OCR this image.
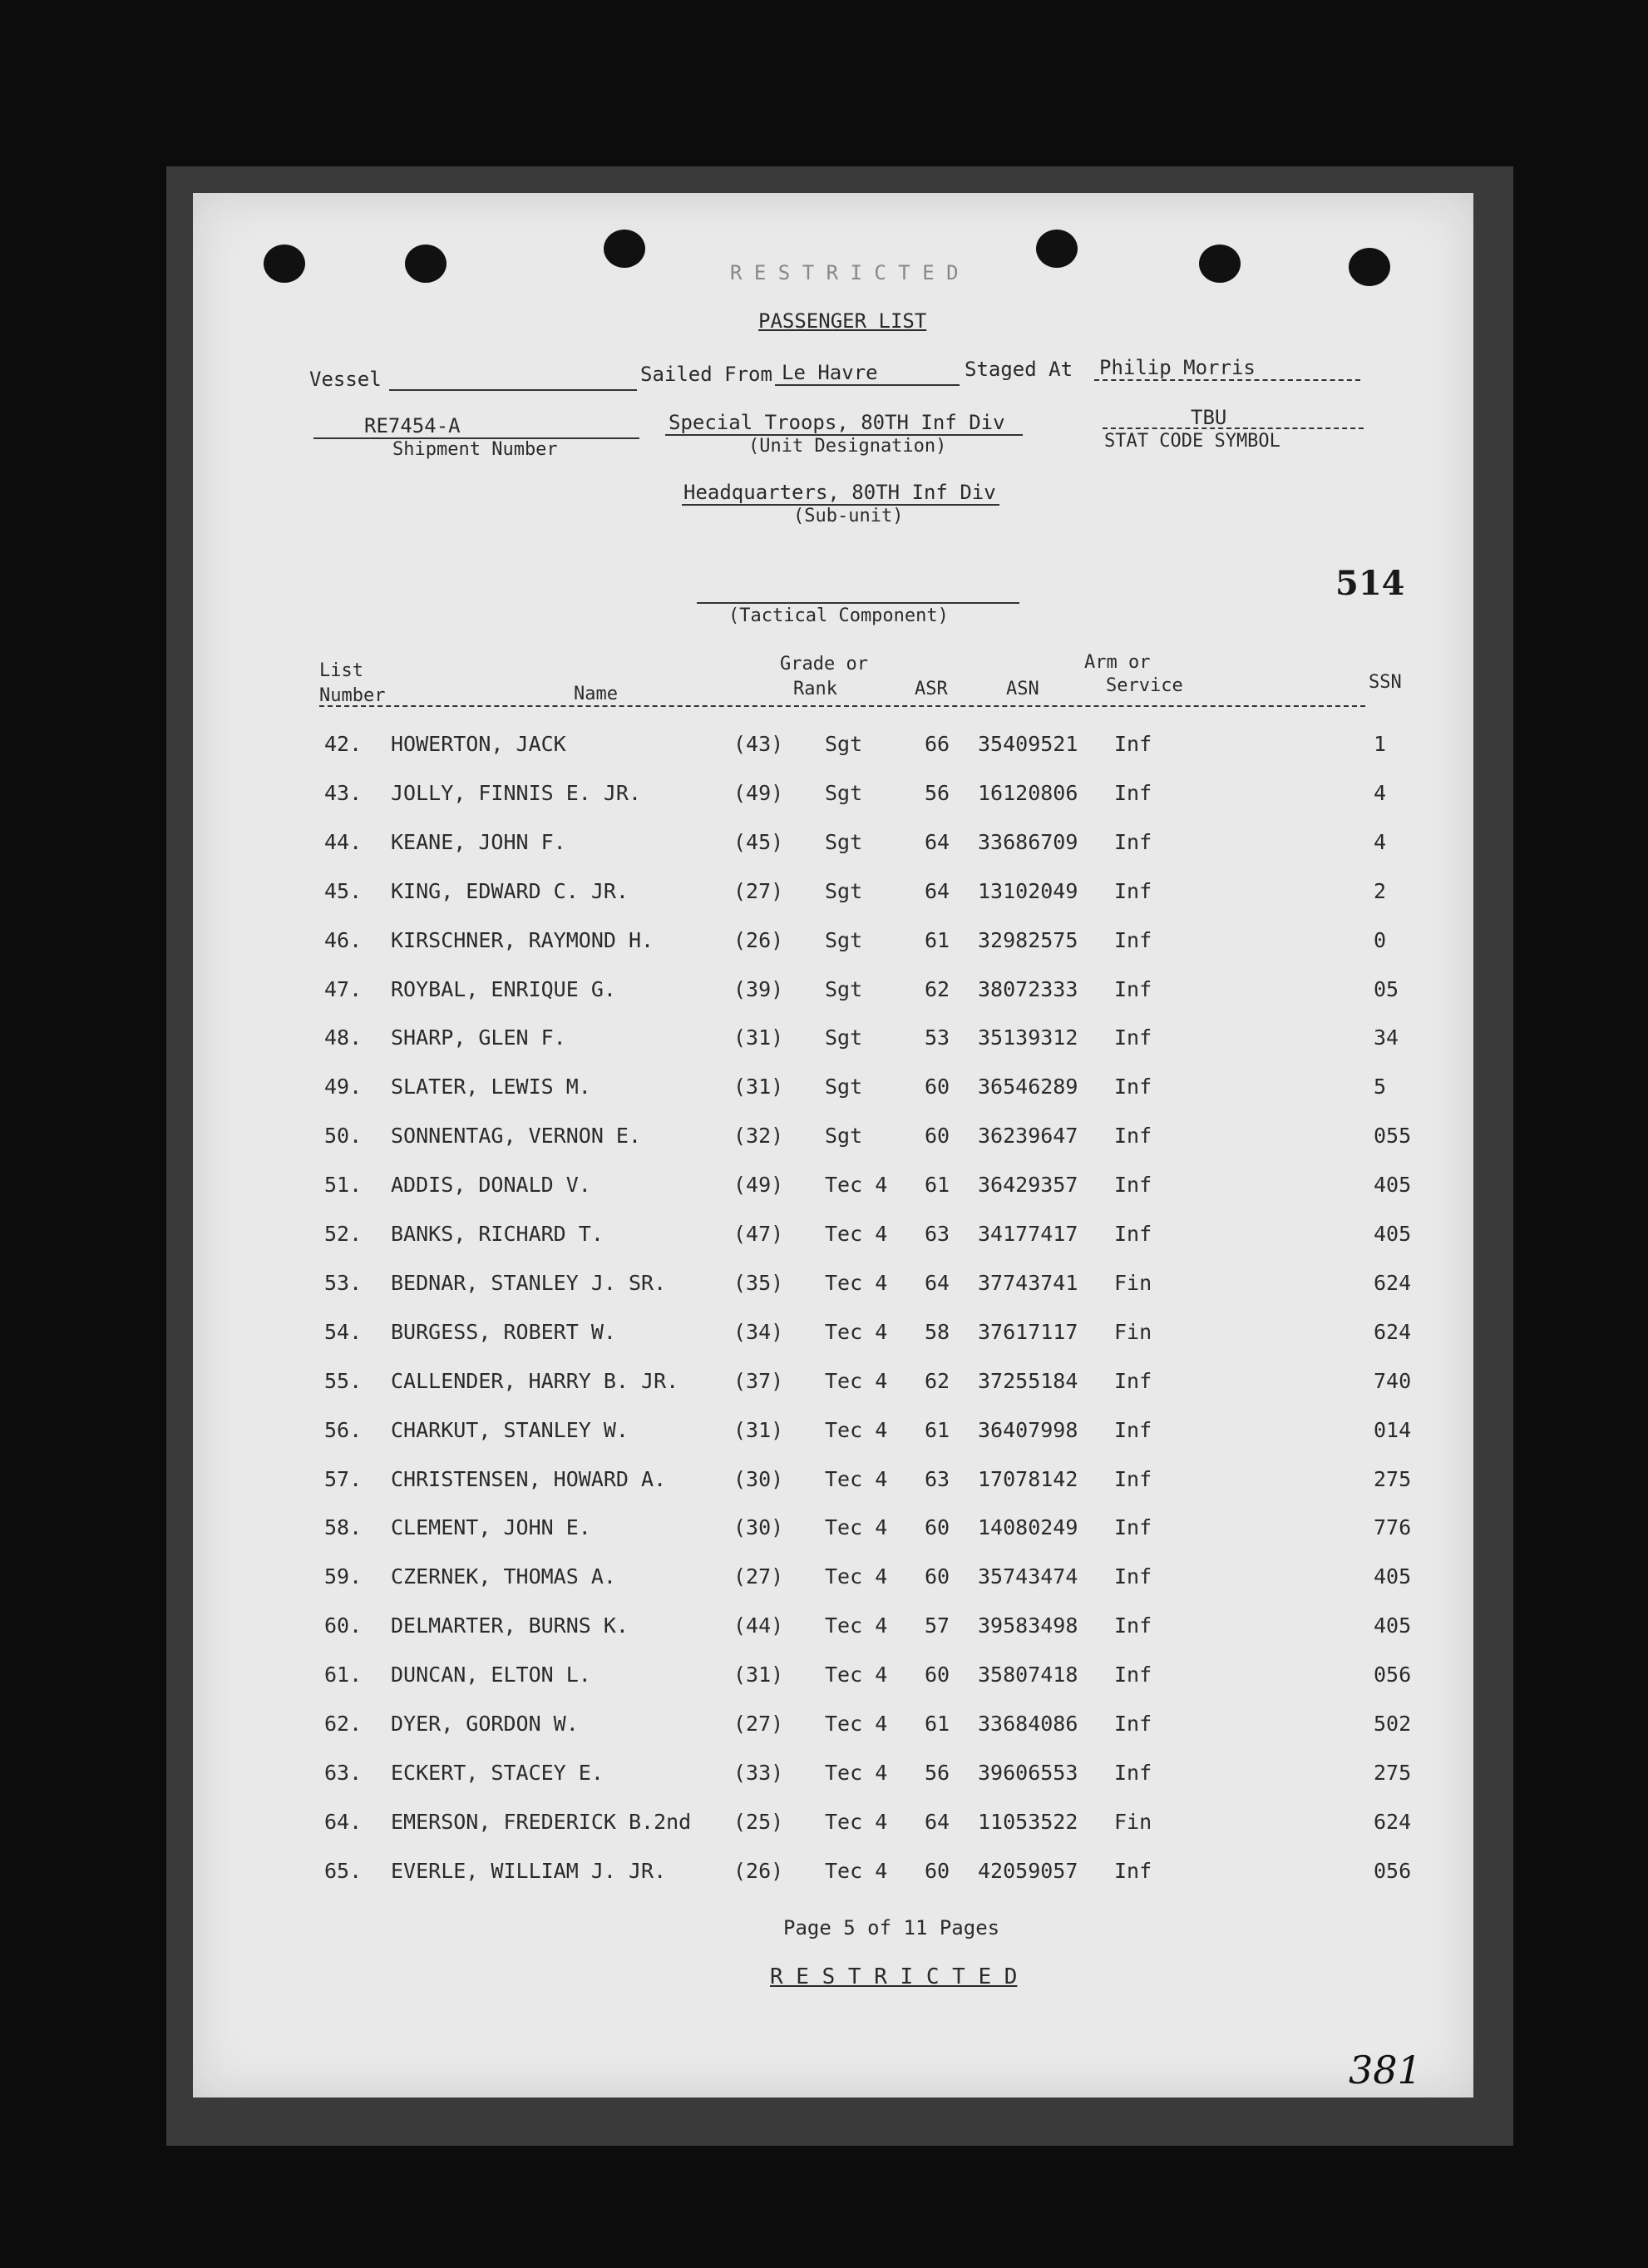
R E S T R I C T E D
PASSENGER LIST
Vessel	Sailed From Le Havre	Staged At Philip Morris
RE7454-A
Shipment Number
Special Troops, 80TH Inf Div
(Unit Designation)
TBU
STAT CODE SYMBOL
Headquarters, 80TH Inf Div
(Sub-unit)
514
(Tactical Component)
List
Number	Name
Grade or
Rank	ASR	ASN
Arm or
Service	SSN
42. HOWERTON, JACK	(43) Sgt	66 35409521 Inf	1
43. JOLLY, FINNIS E. JR.	(49) Sgt	56 16120806 Inf	4
44. KEANE, JOHN F.	(45) Sgt	64 33686709 Inf	4
45. KING, EDWARD C. JR.	(27) Sgt	64 13102049 Inf	2
46. KIRSCHNER, RAYMOND H.	(26) Sgt	61 32982575 Inf	0
47. ROYBAL, ENRIQUE G.	(39) Sgt	62 38072333 Inf	05
48. SHARP, GLEN F.	(31) Sgt	53 35139312 Inf	34
49. SLATER, LEWIS M.	(31) Sgt	60 36546289 Inf	5
50. SONNENTAG, VERNON E.	(32) Sgt	60 36239647 Inf	055
51. ADDIS, DONALD V.	(49) Tec 4 61 36429357 Inf	405
52. BANKS, RICHARD T.	(47) Tec 4 63 34177417 Inf	405
53. BEDNAR, STANLEY J. SR.	(35) Tec 4 64 37743741 Fin	624
54. BURGESS, ROBERT W.	(34) Tec 4 58 37617117 Fin	624
55. CALLENDER, HARRY B. JR.	(37) Tec 4 62 37255184 Inf	740
56. CHARKUT, STANLEY W.	(31) Tec 4 61 36407998 Inf	014
57. CHRISTENSEN, HOWARD A.	(30) Tec 4 63 17078142 Inf	275
58. CLEMENT, JOHN E.	(30) Tec 4 60 14080249 Inf	776
59. CZERNEK, THOMAS A.	(27) Tec 4 60 35743474 Inf	405
60. DELMARTER, BURNS K.	(44) Tec 4 57 39583498 Inf	405
61. DUNCAN, ELTON L.	(31) Tec 4 60 35807418 Inf	056
62. DYER, GORDON W.	(27) Tec 4 61 33684086 Inf	502
63. ECKERT, STACEY E.	(33) Tec 4 56 39606553 Inf	275
64. EMERSON, FREDERICK B.2nd (25) Tec 4 64 11053522 Fin	624
65. EVERLE, WILLIAM J. JR.	(26) Tec 4 60 42059057 Inf	056
Page 5 of 11 Pages
R E S T R I C T E D
381
